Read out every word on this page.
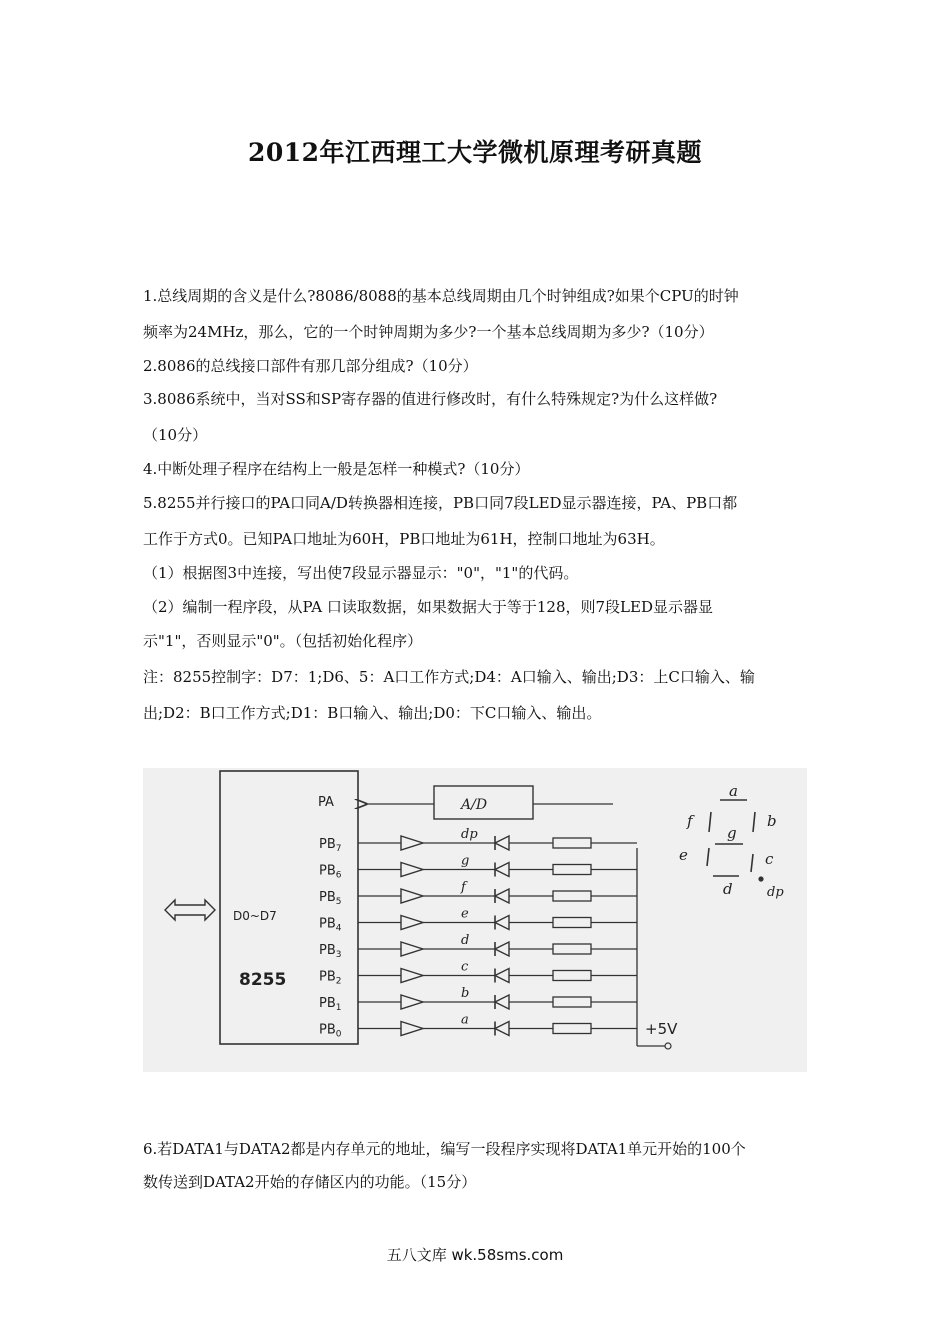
2012年江西理工大学微机原理考研真题
1.总线周期的含义是什么?8086/8088的基本总线周期由几个时钟组成?如果个CPU的时钟
频率为24MHz，那么，它的一个时钟周期为多少?一个基本总线周期为多少?（10分）
2.8086的总线接口部件有那几部分组成?（10分）
3.8086系统中，当对SS和SP寄存器的值进行修改时，有什么特殊规定?为什么这样做?
（10分）
4.中断处理子程序在结构上一般是怎样一种模式?（10分）
5.8255并行接口的PA口同A/D转换器相连接，PB口同7段LED显示器连接，PA、PB口都
工作于方式0。已知PA口地址为60H，PB口地址为61H，控制口地址为63H。
（1）根据图3中连接，写出使7段显示器显示："0"，"1"的代码。
（2）编制一程序段，从PA 口读取数据，如果数据大于等于128，则7段LED显示器显
示"1"，否则显示"0"。（包括初始化程序）
注：8255控制字：D7：1;D6、5：A口工作方式;D4：A口输入、输出;D3：上C口输入、输
出;D2：B口工作方式;D1：B口输入、输出;D0：下C口输入、输出。
8255
PA
D0~D7
A/D
$PB_7$
dp
$PB_6$
g
$PB_5$
f
$PB_4$
e
$PB_3$
d
$PB_2$
c
$PB_1$
b
$PB_0$
a	+5V
a
b
c
d
e
f
g
dp
6.若DATA1与DATA2都是内存单元的地址，编写一段程序实现将DATA1单元开始的100个
数传送到DATA2开始的存储区内的功能。（15分）
五八文库 wk.58sms.com
